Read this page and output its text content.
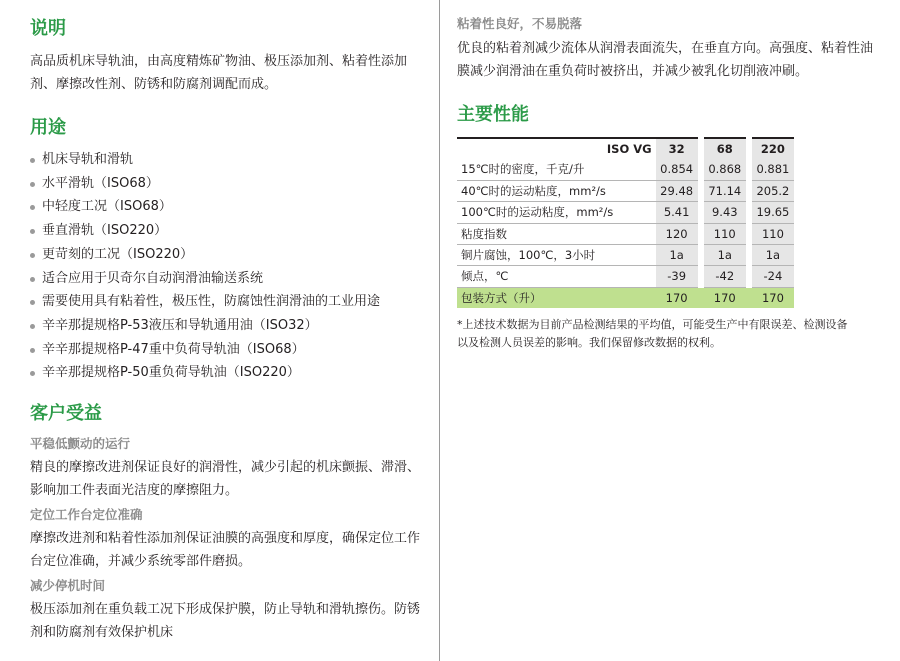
说明

高品质机床导轨油，由高度精炼矿物油、极压添加剂、粘着性添加剂、摩擦改性剂、防锈和防腐剂调配而成。

用途
机床导轨和滑轨
水平滑轨（ISO68）
中轻度工况（ISO68）
垂直滑轨（ISO220）
更苛刻的工况（ISO220）
适合应用于贝奇尔自动润滑油输送系统
需要使用具有粘着性，极压性，防腐蚀性润滑油的工业用途
辛辛那提规格P-53液压和导轨通用油（ISO32）
辛辛那提规格P-47重中负荷导轨油（ISO68）
辛辛那提规格P-50重负荷导轨油（ISO220）
客户受益

平稳低颤动的运行

精良的摩擦改进剂保证良好的润滑性，减少引起的机床颤振、滞滑、影响加工件表面光洁度的摩擦阻力。

定位工作台定位准确

摩擦改进剂和粘着性添加剂保证油膜的高强度和厚度，确保定位工作台定位准确，并减少系统零部件磨损。

减少停机时间

极压添加剂在重负载工况下形成保护膜，防止导轨和滑轨擦伤。防锈剂和防腐剂有效保护机床

粘着性良好，不易脱落

优良的粘着剂减少流体从润滑表面流失，在垂直方向。高强度、粘着性油膜减少润滑油在重负荷时被挤出，并减少被乳化切削液冲刷。

主要性能
ISO VG	32		68		220
15℃时的密度，千克/升	0.854		0.868		0.881
40℃时的运动粘度，mm²/s	29.48		71.14		205.2
100℃时的运动粘度，mm²/s	5.41		9.43		19.65
粘度指数	120		110		110
铜片腐蚀，100℃，3小时	1a		1a		1a
倾点，℃	-39		-42		-24
包装方式（升）	170		170		170

*上述技术数据为目前产品检测结果的平均值，可能受生产中有限误差、检测设备以及检测人员误差的影响。我们保留修改数据的权利。
